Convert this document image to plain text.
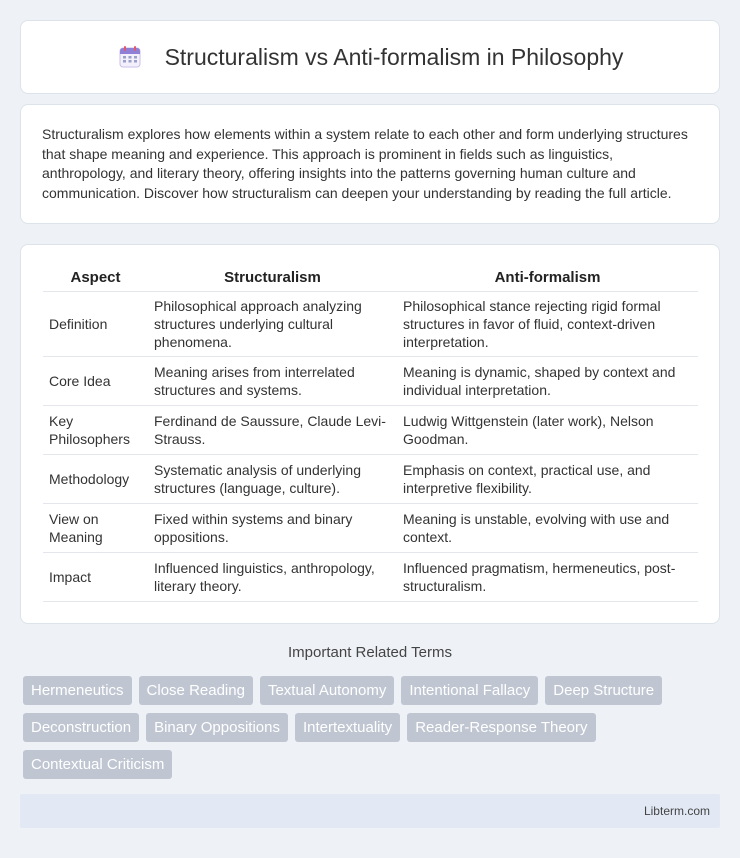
Structuralism vs Anti-formalism in Philosophy

Structuralism explores how elements within a system relate to each other and form underlying structures that shape meaning and experience. This approach is prominent in fields such as linguistics, anthropology, and literary theory, offering insights into the patterns governing human culture and communication. Discover how structuralism can deepen your understanding by reading the full article.

Aspect	Structuralism	Anti-formalism
Definition	Philosophical approach analyzing structures underlying cultural phenomena.	Philosophical stance rejecting rigid formal structures in favor of fluid, context-driven interpretation.
Core Idea	Meaning arises from interrelated structures and systems.	Meaning is dynamic, shaped by context and individual interpretation.
Key Philosophers	Ferdinand de Saussure, Claude Levi-Strauss.	Ludwig Wittgenstein (later work), Nelson Goodman.
Methodology	Systematic analysis of underlying structures (language, culture).	Emphasis on context, practical use, and interpretive flexibility.
View on Meaning	Fixed within systems and binary oppositions.	Meaning is unstable, evolving with use and context.
Impact	Influenced linguistics, anthropology, literary theory.	Influenced pragmatism, hermeneutics, post-structuralism.
Important Related Terms
Hermeneutics	Close Reading	Textual Autonomy	Intentional Fallacy	Deep Structure
Deconstruction	Binary Oppositions	Intertextuality	Reader-Response Theory
Contextual Criticism
Libterm.com
